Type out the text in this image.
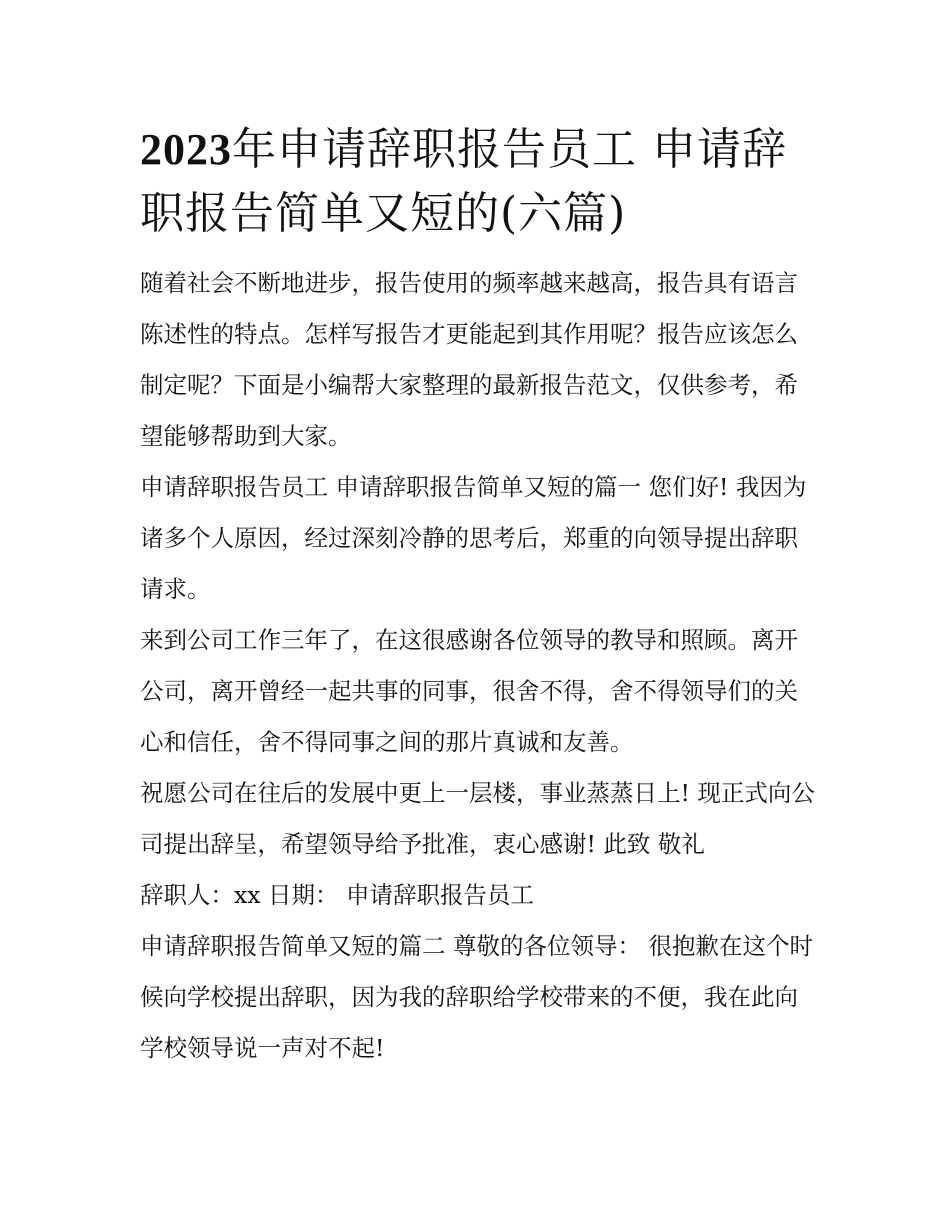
2023年申请辞职报告员工 申请辞职报告简单又短的(六篇)

随着社会不断地进步，报告使用的频率越来越高，报告具有语言陈述性的特点。怎样写报告才更能起到其作用呢？报告应该怎么制定呢？下面是小编帮大家整理的最新报告范文，仅供参考，希望能够帮助到大家。

申请辞职报告员工 申请辞职报告简单又短的篇一 您们好! 我因为诸多个人原因，经过深刻冷静的思考后，郑重的向领导提出辞职请求。

来到公司工作三年了，在这很感谢各位领导的教导和照顾。离开公司，离开曾经一起共事的同事，很舍不得，舍不得领导们的关心和信任，舍不得同事之间的那片真诚和友善。

祝愿公司在往后的发展中更上一层楼，事业蒸蒸日上! 现正式向公司提出辞呈，希望领导给予批准，衷心感谢! 此致 敬礼

辞职人：xx 日期： 申请辞职报告员工

申请辞职报告简单又短的篇二 尊敬的各位领导： 很抱歉在这个时候向学校提出辞职，因为我的辞职给学校带来的不便，我在此向学校领导说一声对不起!
